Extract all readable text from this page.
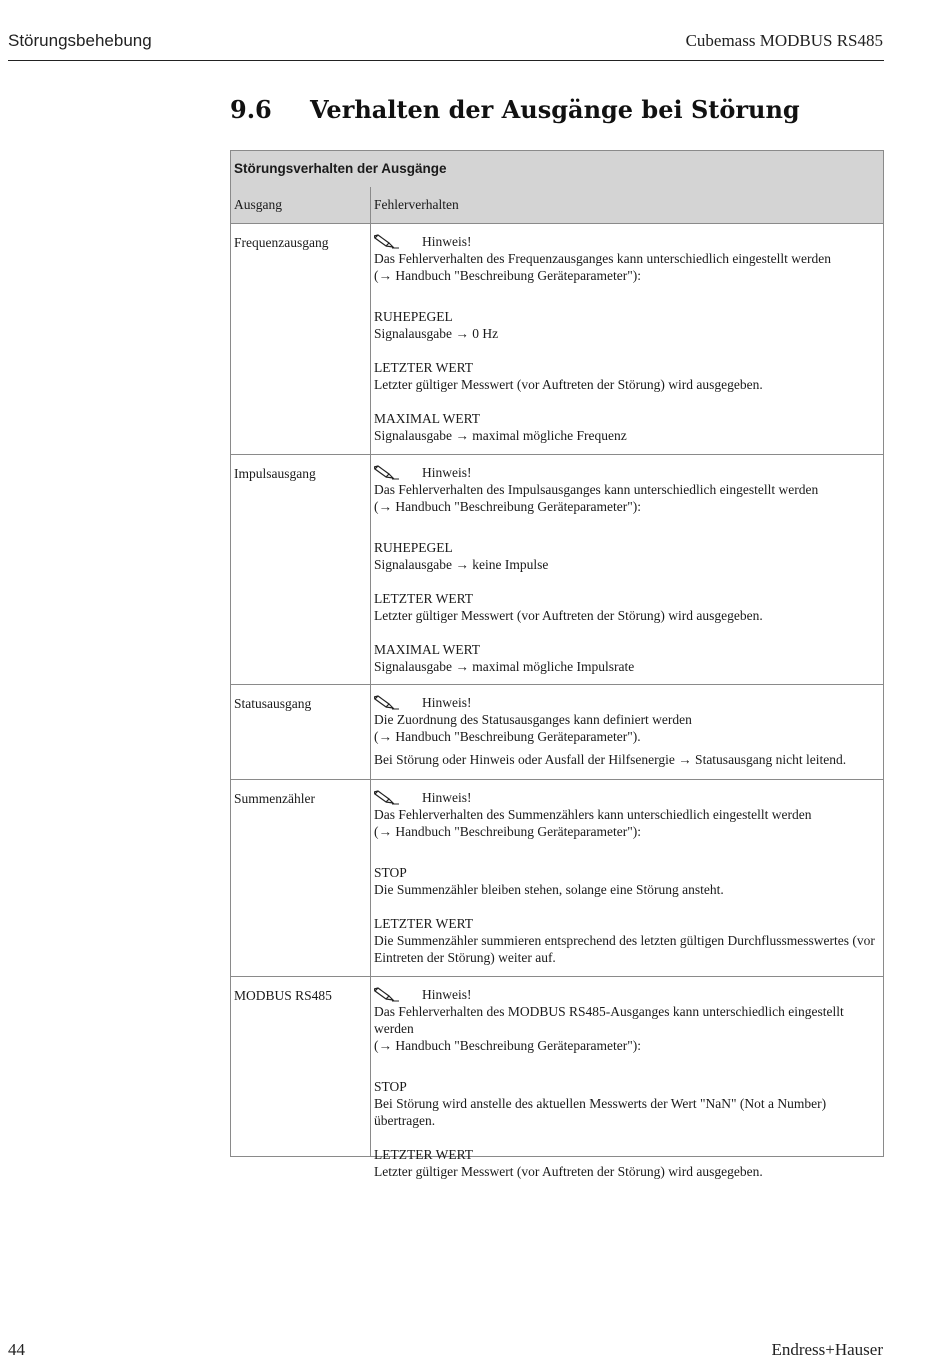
Störungsbehebung	Cubemass MODBUS RS485
9.6 Verhalten der Ausgänge bei Störung
Störungsverhalten der Ausgänge
Ausgang	Fehlerverhalten
Frequenzausgang	Hinweis!

Das Fehlerverhalten des Frequenzausganges kann unterschiedlich eingestellt werden

(→ Handbuch "Beschreibung Geräteparameter"):

RUHEPEGEL

Signalausgabe → 0 Hz

LETZTER WERT

Letzter gültiger Messwert (vor Auftreten der Störung) wird ausgegeben.

MAXIMAL WERT

Signalausgabe → maximal mögliche Frequenz

Impulsausgang	Hinweis!

Das Fehlerverhalten des Impulsausganges kann unterschiedlich eingestellt werden

(→ Handbuch "Beschreibung Geräteparameter"):

RUHEPEGEL

Signalausgabe → keine Impulse

LETZTER WERT

Letzter gültiger Messwert (vor Auftreten der Störung) wird ausgegeben.

MAXIMAL WERT

Signalausgabe → maximal mögliche Impulsrate

Statusausgang	Hinweis!

Die Zuordnung des Statusausganges kann definiert werden

(→ Handbuch "Beschreibung Geräteparameter").

Bei Störung oder Hinweis oder Ausfall der Hilfsenergie → Statusausgang nicht leitend.

Summenzähler	Hinweis!

Das Fehlerverhalten des Summenzählers kann unterschiedlich eingestellt werden

(→ Handbuch "Beschreibung Geräteparameter"):

STOP

Die Summenzähler bleiben stehen, solange eine Störung ansteht.

LETZTER WERT

Die Summenzähler summieren entsprechend des letzten gültigen Durchflussmesswertes (vor

Eintreten der Störung) weiter auf.

MODBUS RS485	Hinweis!

Das Fehlerverhalten des MODBUS RS485-Ausganges kann unterschiedlich eingestellt werden

(→ Handbuch "Beschreibung Geräteparameter"):

STOP

Bei Störung wird anstelle des aktuellen Messwerts der Wert "NaN" (Not a Number) übertragen.

LETZTER WERT

Letzter gültiger Messwert (vor Auftreten der Störung) wird ausgegeben.

44	Endress+Hauser
